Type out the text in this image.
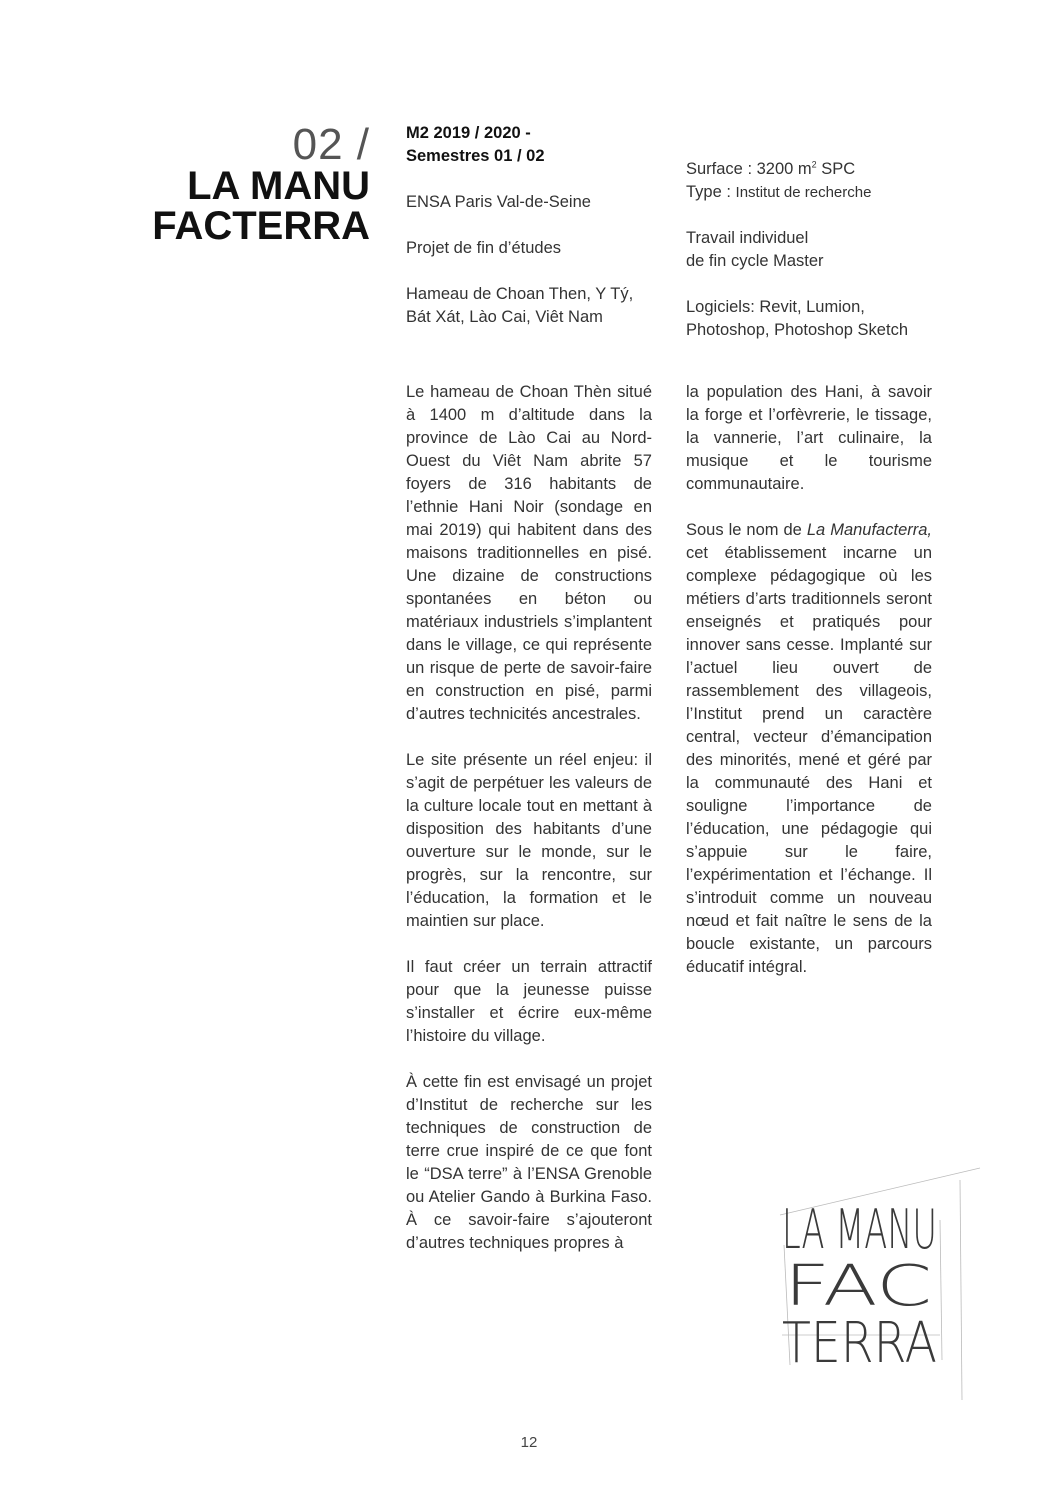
02 /
LA MANU
FACTERRA
M2 2019 / 2020 -
Semestres 01 / 02
ENSA Paris Val-de-Seine
Projet de fin d’études
Hameau de Choan Then, Y Tý,
Bát Xát, Lào Cai, Viêt Nam
Surface : 3200 $m^2$ SPC
Type : Institut de recherche
Travail individuel
de fin cycle Master
Logiciels: Revit, Lumion,
Photoshop, Photoshop Sketch

Le hameau de Choan Thèn situé à 1400 m d’altitude dans la province de Lào Cai au Nord-Ouest du Viêt Nam abrite 57 foyers de 316 habitants de l’ethnie Hani Noir (sondage en mai 2019) qui habitent dans des maisons traditionnelles en pisé. Une dizaine de constructions spontanées en béton ou matériaux industriels s’implantent dans le village, ce qui représente un risque de perte de savoir-faire en construction en pisé, parmi d’autres technicités ancestrales.

Le site présente un réel enjeu: il s’agit de perpétuer les valeurs de la culture locale tout en mettant à disposition des habitants d’une ouverture sur le monde, sur le progrès, sur la rencontre, sur l’éducation, la formation et le maintien sur place.

Il faut créer un terrain attractif pour que la jeunesse puisse s’installer et écrire eux-même l’histoire du village.

À cette fin est envisagé un projet d’Institut de recherche sur les techniques de construction de terre crue inspiré de ce que font le “DSA terre” à l’ENSA Grenoble ou Atelier Gando à Burkina Faso. À ce savoir-faire s’ajouteront d’autres techniques propres à

la population des Hani, à savoir la forge et l’orfèvrerie, le tissage, la vannerie, l’art culinaire, la musique et le tourisme communautaire.

Sous le nom de La Manufacterra, cet établissement incarne un complexe pédagogique où les métiers d’arts traditionnels seront enseignés et pratiqués pour innover sans cesse. Implanté sur l’actuel lieu ouvert de rassemblement des villageois, l’Institut prend un caractère central, vecteur d’émancipation des minorités, mené et géré par la communauté des Hani et souligne l’importance de l’éducation, une pédagogie qui s’appuie sur le faire, l’expérimentation et l’échange. Il s’introduit comme un nouveau nœud et fait naître le sens de la boucle existante, un parcours éducatif intégral.

LA MANU
FAC
TERRA
12
